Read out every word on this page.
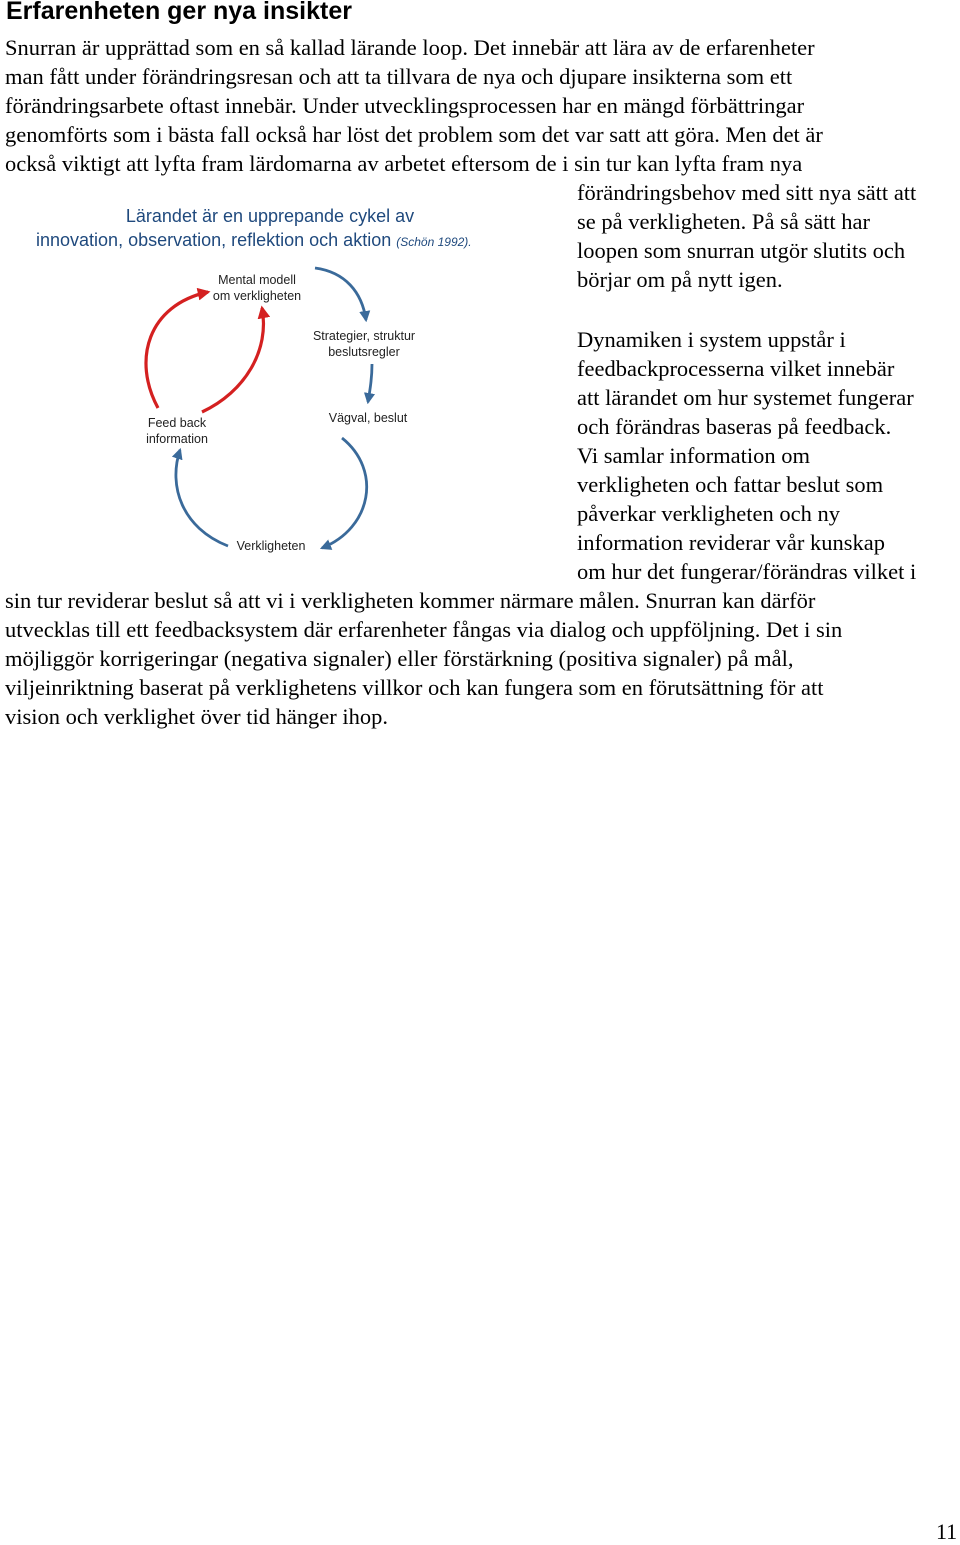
Erfarenheten ger nya insikter

Snurran är upprättad som en så kallad lärande loop. Det innebär att lära av de erfarenheter

man fått under förändringsresan och att ta tillvara de nya och djupare insikterna som ett

förändringsarbete oftast innebär. Under utvecklingsprocessen har en mängd förbättringar

genomförts som i bästa fall också har löst det problem som det var satt att göra. Men det är

också viktigt att lyfta fram lärdomarna av arbetet eftersom de i sin tur kan lyfta fram nya

förändringsbehov med sitt nya sätt att

se på verkligheten. På så sätt har

loopen som snurran utgör slutits och

börjar om på nytt igen.

Dynamiken i system uppstår i

feedbackprocesserna vilket innebär

att lärandet om hur systemet fungerar

och förändras baseras på feedback.

Vi samlar information om

verkligheten och fattar beslut som

påverkar verkligheten och ny

information reviderar vår kunskap

om hur det fungerar/förändras vilket i

sin tur reviderar beslut så att vi i verkligheten kommer närmare målen. Snurran kan därför

utvecklas till ett feedbacksystem där erfarenheter fångas via dialog och uppföljning. Det i sin

möjliggör korrigeringar (negativa signaler) eller förstärkning (positiva signaler) på mål,

viljeinriktning baserat på verklighetens villkor och kan fungera som en förutsättning för att

vision och verklighet över tid hänger ihop.

Lärandet är en upprepande cykel av
innovation, observation, reflektion och aktion (Schön 1992).
Mental modell
om verkligheten
Strategier, struktur
beslutsregler
Vägval, beslut
Feed back
information
Verkligheten
11
